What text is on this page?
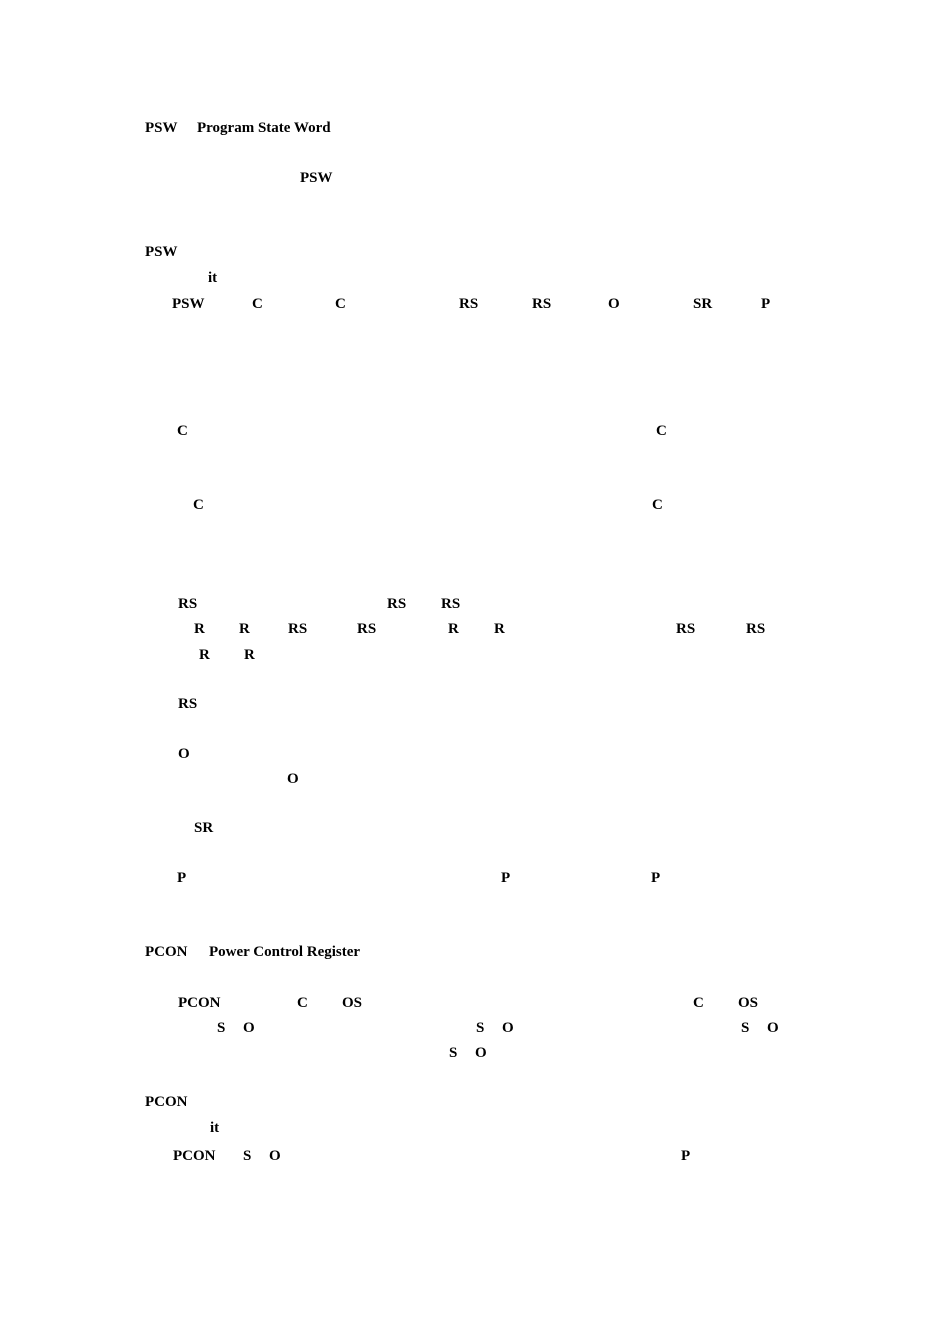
PSW Program State Word
PSW
PSW
it
PSW	C	C	RS	RS	O	SR	P
C	C
C	C
RS	RS RS
R R	RS	RS	R R	RS	RS
R R
RS
O
O
SR
P	P	P
PCON Power Control Register
PCON	C OS	C OS
S O	S O	S O
S O
PCON
it
PCON S O	P
